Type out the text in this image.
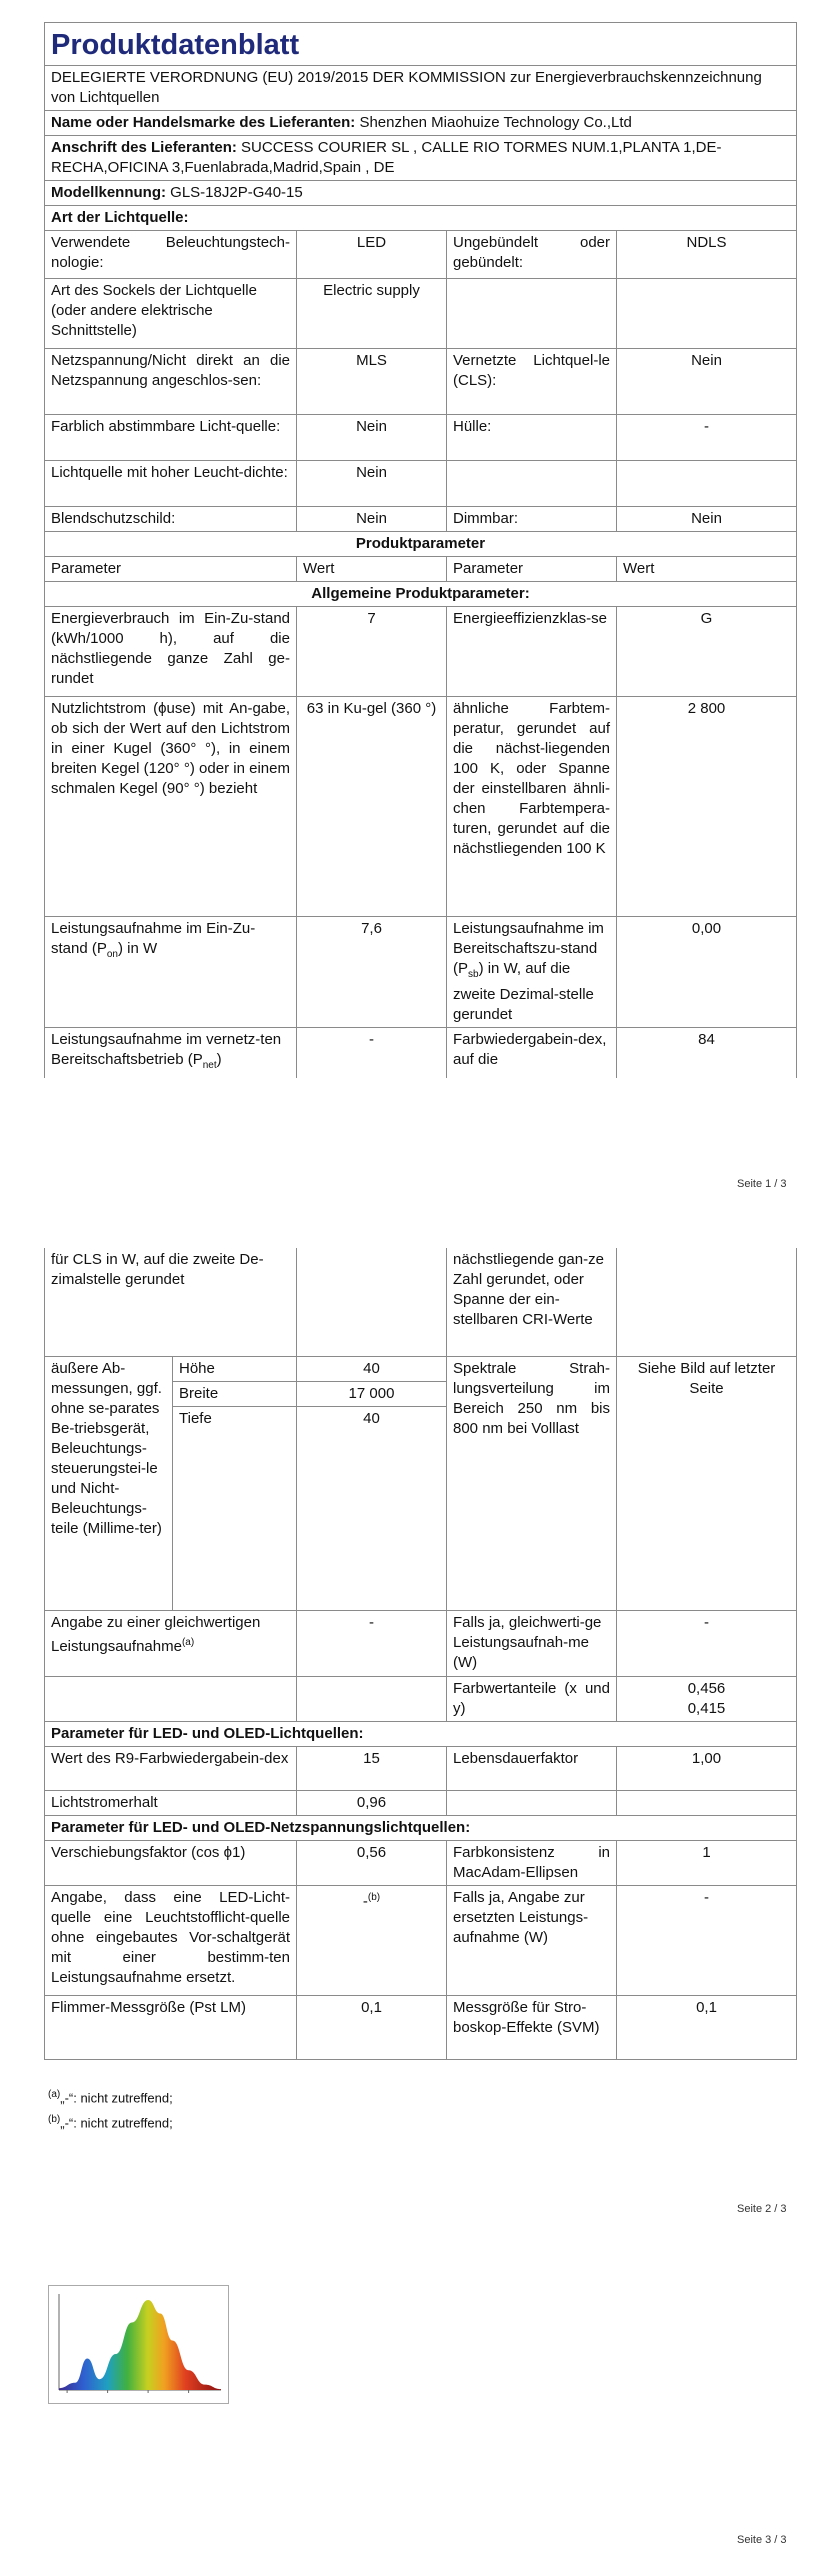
Produktdatenblatt			
DELEGIERTE VERORDNUNG (EU) 2019/2015 DER KOMMISSION zur Energieverbrauchskennzeichnung von Lichtquellen			
Name oder Handelsmarke des Lieferanten: Shenzhen Miaohuize Technology Co.,Ltd			
Anschrift des Lieferanten: SUCCESS COURIER SL , CALLE RIO TORMES NUM.1,PLANTA 1,DE-RECHA,OFICINA 3,Fuenlabrada,Madrid,Spain , DE			
Modellkennung: GLS-18J2P-G40-15			
Art der Lichtquelle:			
Verwendete Beleuchtungstech-nologie:	LED	Ungebündelt oder gebündelt:	NDLS
Art des Sockels der Lichtquelle (oder andere elektrische Schnittstelle)	Electric supply		
Netzspannung/Nicht direkt an die Netzspannung angeschlos-sen:	MLS	Vernetzte Lichtquel-le (CLS):	Nein
Farblich abstimmbare Licht-quelle:	Nein	Hülle:	-
Lichtquelle mit hoher Leucht-dichte:	Nein		
Blendschutzschild:	Nein	Dimmbar:	Nein
Produktparameter			
Parameter	Wert	Parameter	Wert
Allgemeine Produktparameter:			
Energieverbrauch im Ein-Zu-stand (kWh/1000 h), auf die nächstliegende ganze Zahl ge-rundet	7	Energieeffizienzklas-se	G
Nutzlichtstrom (ϕuse) mit An-gabe, ob sich der Wert auf den Lichtstrom in einer Kugel (360° °), in einem breiten Kegel (120° °) oder in einem schmalen Kegel (90° °) bezieht	63 in Ku-gel (360 °)	ähnliche Farbtem-peratur, gerundet auf die nächst-liegenden 100 K, oder Spanne der einstellbaren ähnli-chen Farbtempera-turen, gerundet auf die nächstliegenden 100 K	2 800
Leistungsaufnahme im Ein-Zu-stand $(P_{on})$ in W	7,6	Leistungsaufnahme im Bereitschaftszu-stand $(P_{sb})$ in W, auf die zweite Dezimal-stelle gerundet	0,00
Leistungsaufnahme im vernetz-ten Bereitschaftsbetrieb $(P_{net})$	-	Farbwiedergabein-dex, auf die	84
Seite 1 / 3
für CLS in W, auf die zweite De-zimalstelle gerundet			nächstliegende gan-ze Zahl gerundet, oder Spanne der ein-stellbaren CRI-Werte	
äußere Ab-messungen, ggf. ohne se-parates Be-triebsgerät, Beleuchtungs-steuerungstei-le und Nicht-Beleuchtungs-teile (Millime-ter)	Höhe	40	Spektrale Strah-lungsverteilung im Bereich 250 nm bis 800 nm bei Volllast	Siehe Bild auf letzter Seite
	Breite	17 000		
	Tiefe	40		
Angabe zu einer gleichwertigen Leistungsaufnahme$^{(a)}$		-	Falls ja, gleichwerti-ge Leistungsaufnah-me (W)	-
			Farbwertanteile (x und y)	0,456
0,415

Parameter für LED- und OLED-Lichtquellen:				
Wert des R9-Farbwiedergabein-dex		15	Lebensdauerfaktor	1,00
Lichtstromerhalt		0,96		
Parameter für LED- und OLED-Netzspannungslichtquellen:				
Verschiebungsfaktor (cos ϕ1)		0,56	Farbkonsistenz in MacAdam-Ellipsen	1
Angabe, dass eine LED-Licht-quelle eine Leuchtstofflicht-quelle ohne eingebautes Vor-schaltgerät mit einer bestimm-ten Leistungsaufnahme ersetzt.		-$^{(b)}$	Falls ja, Angabe zur ersetzten Leistungs-aufnahme (W)	-
Flimmer-Messgröße (Pst LM)		0,1	Messgröße für Stro-boskop-Effekte (SVM)	0,1
$^{(a)}$„-“: nicht zutreffend;
$^{(b)}$„-“: nicht zutreffend;
Seite 2 / 3
Seite 3 / 3
